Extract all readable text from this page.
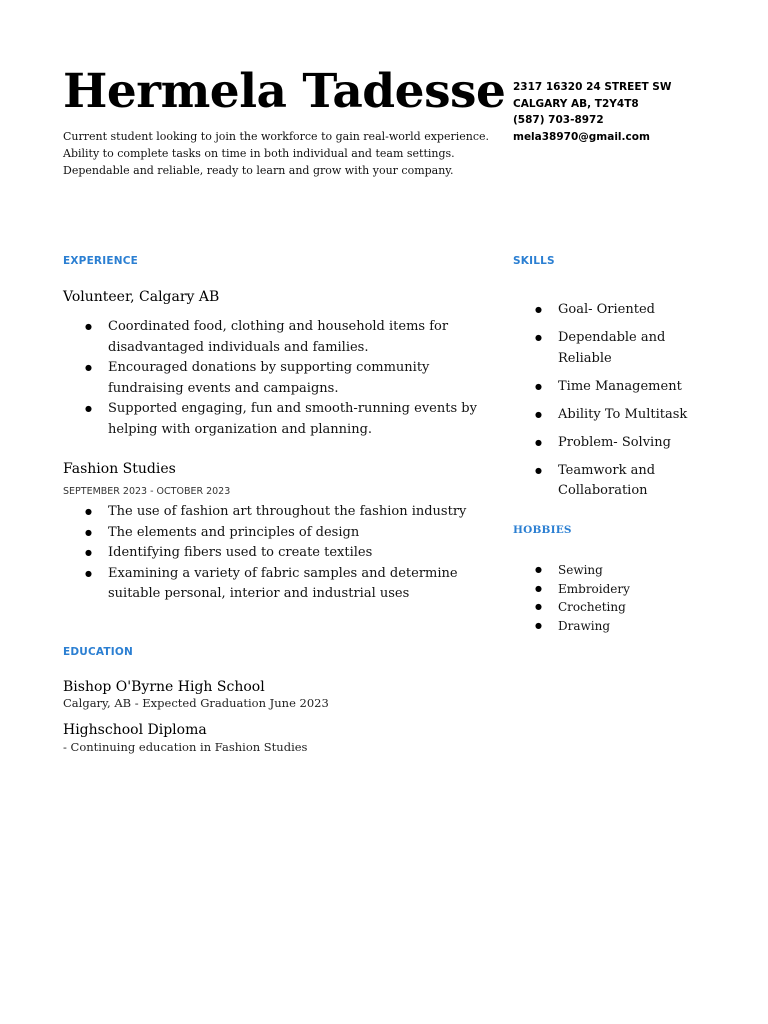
Hermela Tadesse
Current student looking to join the workforce to gain real-world experience. Ability to complete tasks on time in both individual and team settings. Dependable and reliable, ready to learn and grow with your company.
2317 16320 24 STREET SW
CALGARY AB, T2Y4T8
(587) 703-8972
mela38970@gmail.com
EXPERIENCE
Volunteer, Calgary AB
● Coordinated food, clothing and household items for disadvantaged individuals and families.
● Encouraged donations by supporting community fundraising events and campaigns.
● Supported engaging, fun and smooth-running events by helping with organization and planning.
Fashion Studies
SEPTEMBER 2023 - OCTOBER 2023
● The use of fashion art throughout the fashion industry
● The elements and principles of design
● Identifying fibers used to create textiles
● Examining a variety of fabric samples and determine suitable personal, interior and industrial uses
EDUCATION
Bishop O'Byrne High School
Calgary, AB - Expected Graduation June 2023
Highschool Diploma
- Continuing education in Fashion Studies
SKILLS
● Goal- Oriented
● Dependable and Reliable
● Time Management
● Ability To Multitask
● Problem- Solving
● Teamwork and Collaboration
HOBBIES
● Sewing
● Embroidery
● Crocheting
● Drawing
